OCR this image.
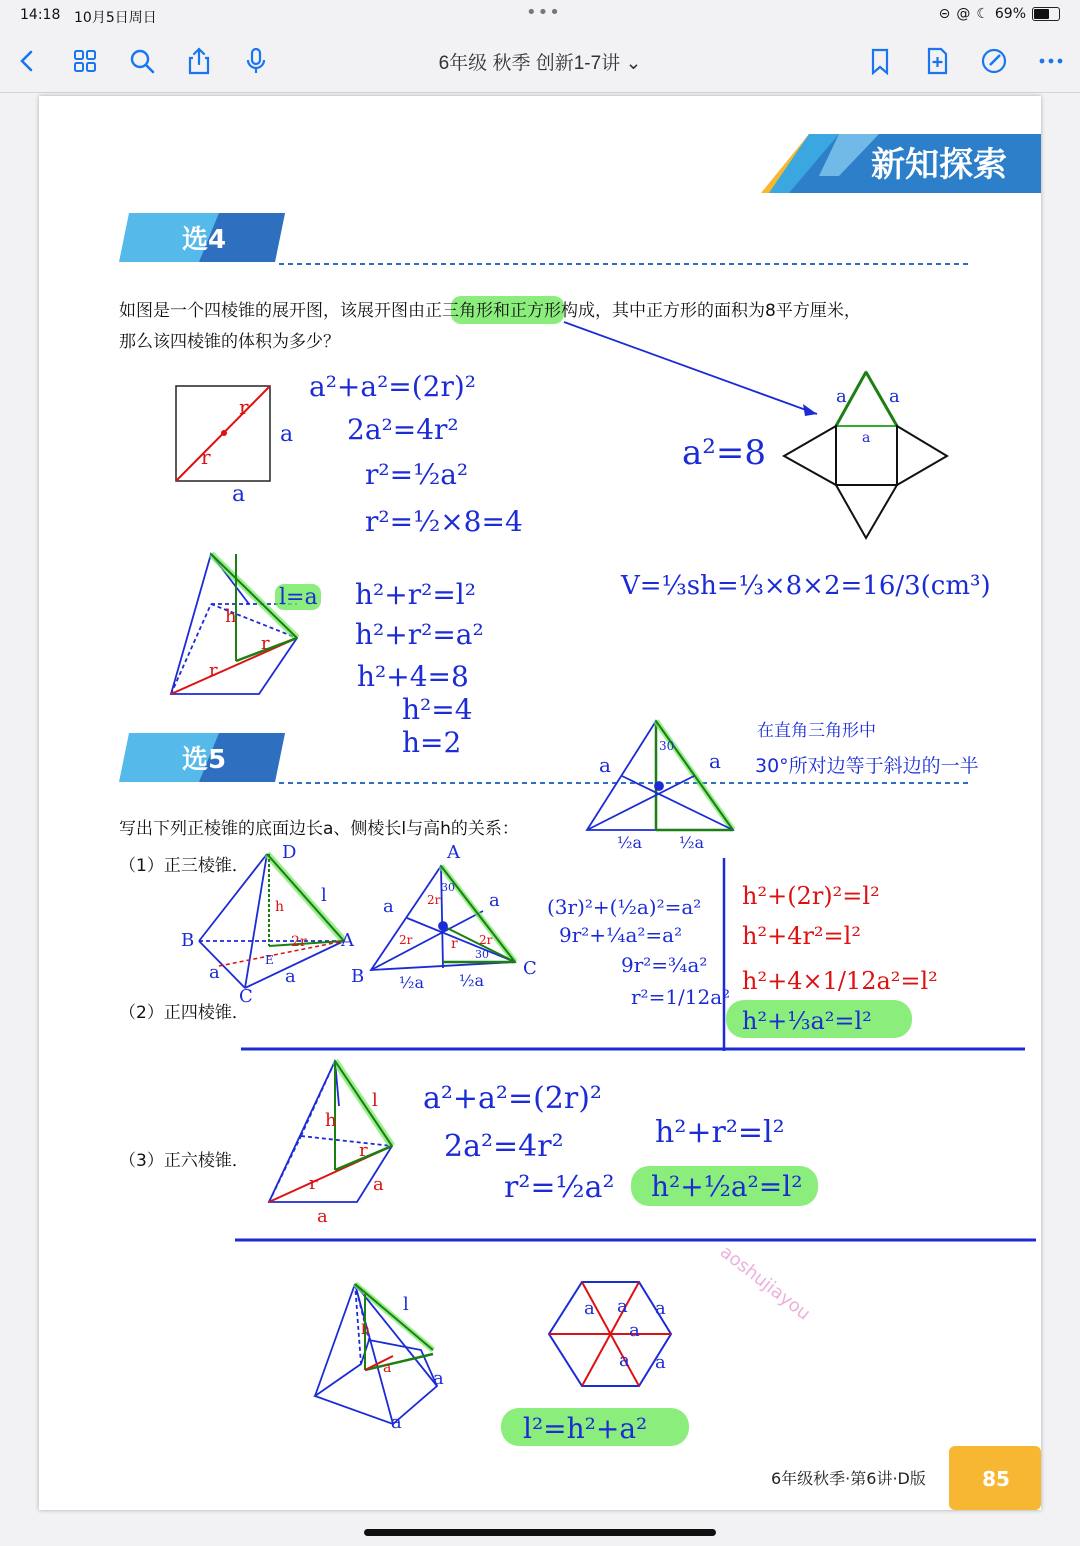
14:18 10月5日周日	•••	⊝ @ ☾ 69%
6年级 秋季 创新1-7讲 ⌄
新知探索
选4
如图是一个四棱锥的展开图，该展开图由正三角形和正方形构成，其中正方形的面积为8平方厘米，
那么该四棱锥的体积为多少？
r
r
a
a
a²+a²=(2r)²
2a²=4r²
r²=½a²
r²=½×8=4
a²=8
a a
a
h
r
r
l=a h²+r²=l²
h²+r²=a²
h²+4=8
h²=4
h=2
V=⅓sh=⅓×8×2=16/3(cm³)
选5	a	a
30
½a ½a
在直角三角形中
30°所对边等于斜边的一半
写出下列正棱锥的底面边长a、侧棱长l与高h的关系：
（1）正三棱锥．
（2）正四棱锥．
（3）正六棱锥．
D
l
h
2r
B	A
E
a	a
C
A
a	a
2r
30
2r	r 2r
30
B	C
½a ½a
(3r)²+(½a)²=a²
9r²+¼a²=a²
9r²=¾a²
r²=1/12a²
h²+(2r)²=l²
h²+4r²=l²
h²+4×1/12a²=l²
h²+⅓a²=l²
h
r
r
l
a
a
a²+a²=(2r)²
2a²=4r²
r²=½a²
h²+r²=l²
h²+½a²=l²
h
l
a a
a
a a
a
a
a a
aoshujiayou
l²=h²+a²
6年级秋季·第6讲·D版	85
